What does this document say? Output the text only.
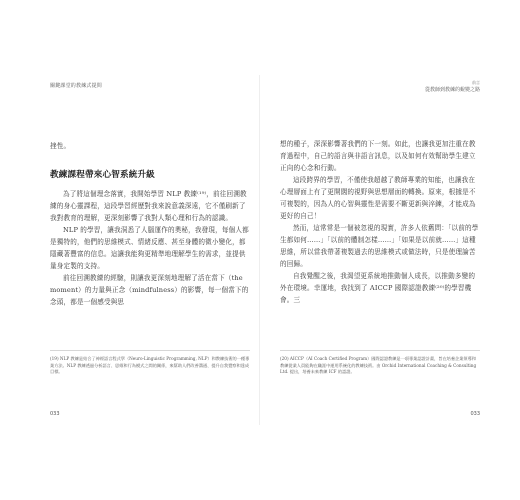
關鍵課堂的教練式提問

挫性。

教練課程帶來心智系統升級

為了將這個理念落實，我開始學習 NLP 教練⁽¹⁹⁾，前往回溯教練的身心靈課程，這段學習經歷對我來說意義深遠，它不僅刷新了我對教育的理解，更深刻影響了我對人類心理和行為的認識。

NLP 的學習，讓我洞悉了人腦運作的奧秘，我發現，每個人都是獨特的，他們的思維模式、情緒反應、甚至身體的微小變化，都隱藏著豐富的信息。這讓我能夠更精準地理解學生的需求，並提供量身定製的支持。

前往回溯教練的經驗，則讓我更深刻地理解了活在當下（the moment）的力量與正念（mindfulness）的影響，每一個當下的念頭，都是一個感受與思

(19) NLP 教練是結合了神經語言程式學（Neuro-Linguistic Programming, NLP）和教練技術的一種專業方法。NLP 教練透過分析語言、思維和行為模式之間的關係，來幫助人們改善溝通、提升自我覺察和達成目標。
033
前言
從教師到教練的蛻變之路

想的種子，深深影響著我們的下一刻。如此，也讓我更加注重在教育過程中，自己的語言與非語言訊息，以及如何有效幫助學生建立正向的心念和行動。

這段跨界的學習，不僅使我超越了教師專業的知能，也讓我在心理層面上有了更開闊的視野與思想層面的轉換。原來，根據是不可複製的，因為人的心智與靈性是需要不斷更新與淬鍊，才能成為更好的自己！

然而，這常常是一個被忽視的現實，許多人依舊問：「以前的學生都如何……」「以前的體制怎樣……」「如果是以前就……」這種思維，所以當我帶著複製過去的思維模式或做法時，只是使理論苦的回歸。

自我覺醒之後，我渴望更系統地推動個人成長，以推動多變的外在環境。幸運地，我找到了 AICCP 國際認證教練⁽²⁰⁾的學習機會。三

(20) AICCP（AI Coach Certified Program）國際認證教練是一項專業認證計畫，旨在培養企業領導和教練從業人員能夠在職涯中運用系統化的教練技術。由 Orchid International Coaching & Consulting Ltd. 提出，培養未來教練 ICF 的認證。
033
